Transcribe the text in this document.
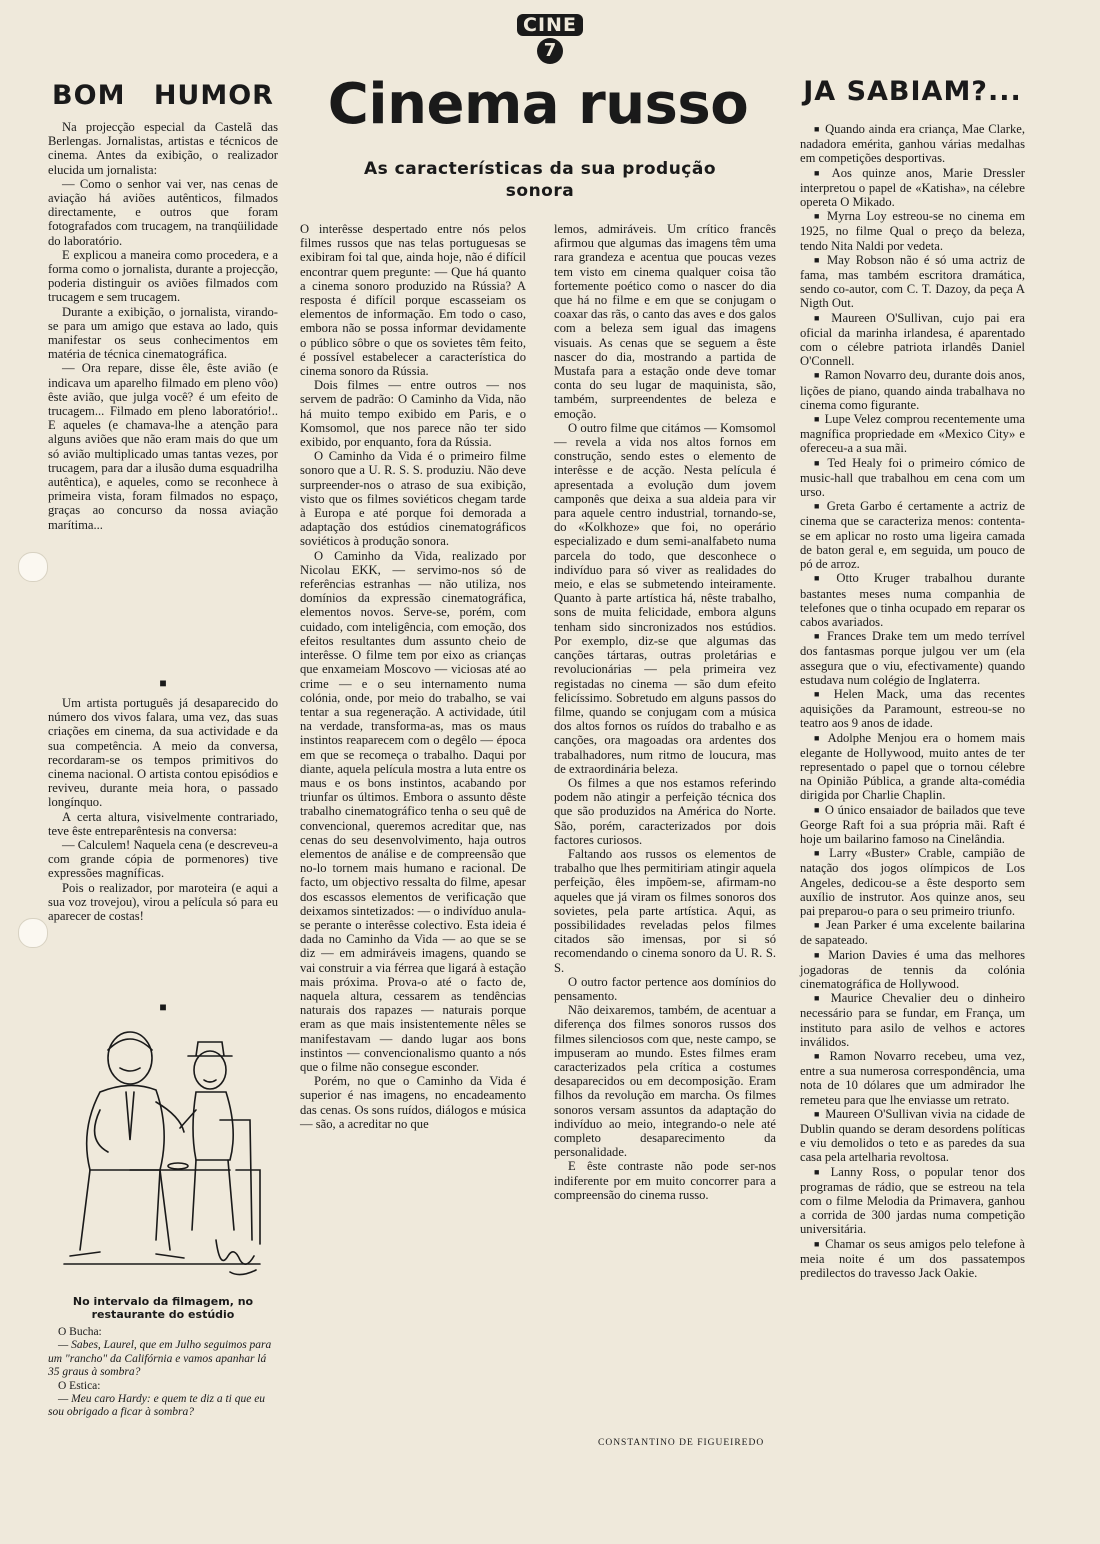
CINE
7
BOM HUMOR

Na projecção especial da Castelã das Berlengas. Jornalistas, artistas e técnicos de cinema. Antes da exibição, o realizador elucida um jornalista:

— Como o senhor vai ver, nas cenas de aviação há aviões autênticos, filmados directamente, e outros que foram fotografados com trucagem, na tranqüilidade do laboratório.

E explicou a maneira como procedera, e a forma como o jornalista, durante a projecção, poderia distinguir os aviões filmados com trucagem e sem trucagem.

Durante a exibição, o jornalista, virando-se para um amigo que estava ao lado, quis manifestar os seus conhecimentos em matéria de técnica cinematográfica.

— Ora repare, disse êle, êste avião (e indicava um aparelho filmado em pleno vôo) êste avião, que julga você? é um efeito de trucagem... Filmado em pleno laboratório!.. E aqueles (e chamava-lhe a atenção para alguns aviões que não eram mais do que um só avião multiplicado umas tantas vezes, por trucagem, para dar a ilusão duma esquadrilha autêntica), e aqueles, como se reconhece à primeira vista, foram filmados no espaço, graças ao concurso da nossa aviação marítima...

■

Um artista português já desaparecido do número dos vivos falara, uma vez, das suas criações em cinema, da sua actividade e da sua competência. A meio da conversa, recordaram-se os tempos primitivos do cinema nacional. O artista contou episódios e reviveu, durante meia hora, o passado longínquo.

A certa altura, visivelmente contrariado, teve êste entreparêntesis na conversa:

— Calculem! Naquela cena (e descreveu-a com grande cópia de pormenores) tive expressões magníficas.

Pois o realizador, por maroteira (e aqui a sua voz trovejou), virou a película só para eu aparecer de costas!

■
No intervalo da filmagem, no restaurante do estúdio

O Bucha:

— Sabes, Laurel, que em Julho seguimos para um "rancho" da Califórnia e vamos apanhar lá 35 graus à sombra?

O Estica:

— Meu caro Hardy: e quem te diz a ti que eu sou obrigado a ficar à sombra?

Cinema russo
As características da sua produção sonora

O interêsse despertado entre nós pelos filmes russos que nas telas portuguesas se exibiram foi tal que, ainda hoje, não é difícil encontrar quem pregunte: — Que há quanto a cinema sonoro produzido na Rússia? A resposta é difícil porque escasseiam os elementos de informação. Em todo o caso, embora não se possa informar devidamente o público sôbre o que os sovietes têm feito, é possível estabelecer a característica do cinema sonoro da Rússia.

Dois filmes — entre outros — nos servem de padrão: O Caminho da Vida, não há muito tempo exibido em Paris, e o Komsomol, que nos parece não ter sido exibido, por enquanto, fora da Rússia.

O Caminho da Vida é o primeiro filme sonoro que a U. R. S. S. produziu. Não deve surpreender-nos o atraso de sua exibição, visto que os filmes soviéticos chegam tarde à Europa e até porque foi demorada a adaptação dos estúdios cinematográficos soviéticos à produção sonora.

O Caminho da Vida, realizado por Nicolau EKK, — servimo-nos só de referências estranhas — não utiliza, nos domínios da expressão cinematográfica, elementos novos. Serve-se, porém, com cuidado, com inteligência, com emoção, dos efeitos resultantes dum assunto cheio de interêsse. O filme tem por eixo as crianças que enxameiam Moscovo — viciosas até ao crime — e o seu internamento numa colónia, onde, por meio do trabalho, se vai tentar a sua regeneração. A actividade, útil na verdade, transforma-as, mas os maus instintos reaparecem com o degêlo — época em que se recomeça o trabalho. Daqui por diante, aquela película mostra a luta entre os maus e os bons instintos, acabando por triunfar os últimos. Embora o assunto dêste trabalho cinematográfico tenha o seu quê de convencional, queremos acreditar que, nas cenas do seu desenvolvimento, haja outros elementos de análise e de compreensão que no-lo tornem mais humano e racional. De facto, um objectivo ressalta do filme, apesar dos escassos elementos de verificação que deixamos sintetizados: — o indivíduo anula-se perante o interêsse colectivo. Esta ideia é dada no Caminho da Vida — ao que se se diz — em admiráveis imagens, quando se vai construir a via férrea que ligará à estação mais próxima. Prova-o até o facto de, naquela altura, cessarem as tendências naturais dos rapazes — naturais porque eram as que mais insistentemente nêles se manifestavam — dando lugar aos bons instintos — convencionalismo quanto a nós que o filme não consegue esconder.

Porém, no que o Caminho da Vida é superior é nas imagens, no encadeamento das cenas. Os sons ruídos, diálogos e música — são, a acreditar no que

lemos, admiráveis. Um crítico francês afirmou que algumas das imagens têm uma rara grandeza e acentua que poucas vezes tem visto em cinema qualquer coisa tão fortemente poético como o nascer do dia que há no filme e em que se conjugam o coaxar das rãs, o canto das aves e dos galos com a beleza sem igual das imagens visuais. As cenas que se seguem a êste nascer do dia, mostrando a partida de Mustafa para a estação onde deve tomar conta do seu lugar de maquinista, são, também, surpreendentes de beleza e emoção.

O outro filme que citámos — Komsomol — revela a vida nos altos fornos em construção, sendo estes o elemento de interêsse e de acção. Nesta película é apresentada a evolução dum jovem camponês que deixa a sua aldeia para vir para aquele centro industrial, tornando-se, do «Kolkhoze» que foi, no operário especializado e dum semi-analfabeto numa parcela do todo, que desconhece o indivíduo para só viver as realidades do meio, e elas se submetendo inteiramente. Quanto à parte artística há, nêste trabalho, sons de muita felicidade, embora alguns tenham sido sincronizados nos estúdios. Por exemplo, diz-se que algumas das canções tártaras, outras proletárias e revolucionárias — pela primeira vez registadas no cinema — são dum efeito felicíssimo. Sobretudo em alguns passos do filme, quando se conjugam com a música dos altos fornos os ruídos do trabalho e as canções, ora magoadas ora ardentes dos trabalhadores, num ritmo de loucura, mas de extraordinária beleza.

Os filmes a que nos estamos referindo podem não atingir a perfeição técnica dos que são produzidos na América do Norte. São, porém, caracterizados por dois factores curiosos.

Faltando aos russos os elementos de trabalho que lhes permitiriam atingir aquela perfeição, êles impõem-se, afirmam-no aqueles que já viram os filmes sonoros dos sovietes, pela parte artística. Aqui, as possibilidades reveladas pelos filmes citados são imensas, por si só recomendando o cinema sonoro da U. R. S. S.

O outro factor pertence aos domínios do pensamento.

Não deixaremos, também, de acentuar a diferença dos filmes sonoros russos dos filmes silenciosos com que, neste campo, se impuseram ao mundo. Estes filmes eram caracterizados pela crítica a costumes desaparecidos ou em decomposição. Eram filhos da revolução em marcha. Os filmes sonoros versam assuntos da adaptação do indivíduo ao meio, integrando-o nele até completo desaparecimento da personalidade.

E êste contraste não pode ser-nos indiferente por em muito concorrer para a compreensão do cinema russo.

CONSTANTINO DE FIGUEIREDO
JA SABIAM?...

■ Quando ainda era criança, Mae Clarke, nadadora emérita, ganhou várias medalhas em competições desportivas.

■ Aos quinze anos, Marie Dressler interpretou o papel de «Katisha», na célebre opereta O Mikado.

■ Myrna Loy estreou-se no cinema em 1925, no filme Qual o preço da beleza, tendo Nita Naldi por vedeta.

■ May Robson não é só uma actriz de fama, mas também escritora dramática, sendo co-autor, com C. T. Dazoy, da peça A Nigth Out.

■ Maureen O'Sullivan, cujo pai era oficial da marinha irlandesa, é aparentado com o célebre patriota irlandês Daniel O'Connell.

■ Ramon Novarro deu, durante dois anos, lições de piano, quando ainda trabalhava no cinema como figurante.

■ Lupe Velez comprou recentemente uma magnífica propriedade em «Mexico City» e ofereceu-a a sua mãi.

■ Ted Healy foi o primeiro cómico de music-hall que trabalhou em cena com um urso.

■ Greta Garbo é certamente a actriz de cinema que se caracteriza menos: contenta-se em aplicar no rosto uma ligeira camada de baton geral e, em seguida, um pouco de pó de arroz.

■ Otto Kruger trabalhou durante bastantes meses numa companhia de telefones que o tinha ocupado em reparar os cabos avariados.

■ Frances Drake tem um medo terrível dos fantasmas porque julgou ver um (ela assegura que o viu, efectivamente) quando estudava num colégio de Inglaterra.

■ Helen Mack, uma das recentes aquisições da Paramount, estreou-se no teatro aos 9 anos de idade.

■ Adolphe Menjou era o homem mais elegante de Hollywood, muito antes de ter representado o papel que o tornou célebre na Opinião Pública, a grande alta-comédia dirigida por Charlie Chaplin.

■ O único ensaiador de bailados que teve George Raft foi a sua própria mãi. Raft é hoje um bailarino famoso na Cinelândia.

■ Larry «Buster» Crable, campião de natação dos jogos olímpicos de Los Angeles, dedicou-se a êste desporto sem auxílio de instrutor. Aos quinze anos, seu pai preparou-o para o seu primeiro triunfo.

■ Jean Parker é uma excelente bailarina de sapateado.

■ Marion Davies é uma das melhores jogadoras de tennis da colónia cinematográfica de Hollywood.

■ Maurice Chevalier deu o dinheiro necessário para se fundar, em França, um instituto para asilo de velhos e actores inválidos.

■ Ramon Novarro recebeu, uma vez, entre a sua numerosa correspondência, uma nota de 10 dólares que um admirador lhe remeteu para que lhe enviasse um retrato.

■ Maureen O'Sullivan vivia na cidade de Dublin quando se deram desordens políticas e viu demolidos o teto e as paredes da sua casa pela artelharia revoltosa.

■ Lanny Ross, o popular tenor dos programas de rádio, que se estreou na tela com o filme Melodia da Primavera, ganhou a corrida de 300 jardas numa competição universitária.

■ Chamar os seus amigos pelo telefone à meia noite é um dos passatempos predilectos do travesso Jack Oakie.
